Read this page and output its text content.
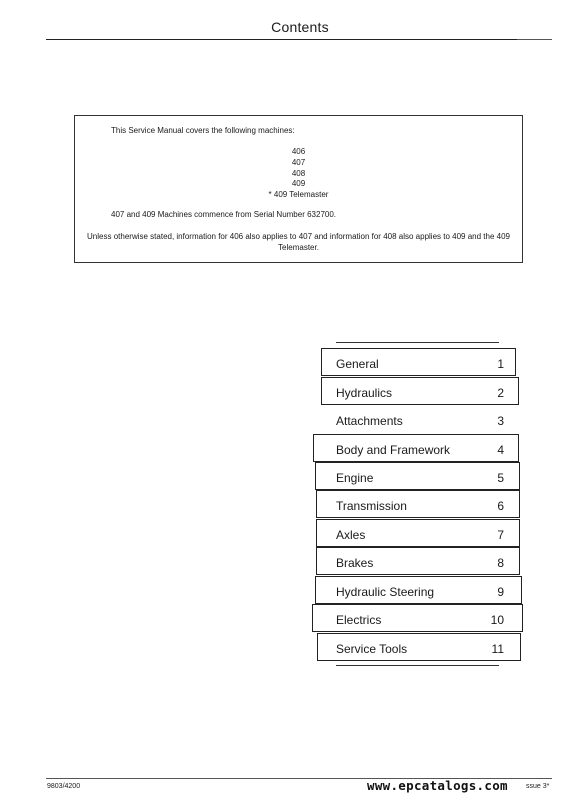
Contents
This Service Manual covers the following machines:
406
407
408
409
* 409 Telemaster
407 and 409 Machines commence from Serial Number 632700.
Unless otherwise stated, information for 406 also applies to 407 and information for 408 also applies to 409 and the 409 Telemaster.
General	1
Hydraulics	2
Attachments	3
Body and Framework	4
Engine	5
Transmission	6
Axles	7
Brakes	8
Hydraulic Steering	9
Electrics	10
Service Tools	11
9803/4200	www.epcatalogs.com	ssue 3*
